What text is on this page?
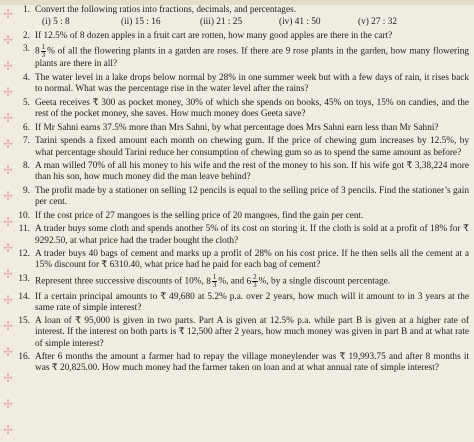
✢
✢
✢
✢
✢
✢
✢
✢
✢
✢
✢
✢
✢
✢
✢
✢
✢
1. Convert the following ratios into fractions, decimals, and percentages.
(i) 5 : 8	(ii) 15 : 16	(iii) 21 : 25	(iv) 41 : 50	(v) 27 : 32
2. If 12.5% of 8 dozen apples in a fruit cart are rotten, how many good apples are there in the cart?
3. $8 \frac{1}{3}$ % of all the flowering plants in a garden are roses. If there are 9 rose plants in the garden, how many flowering plants are there in all?
4. The water level in a lake drops below normal by 28% in one summer week but with a few days of rain, it rises back to normal. What was the percentage rise in the water level after the rains?
5. Geeta receives ₹ 300 as pocket money, 30% of which she spends on books, 45% on toys, 15% on candies, and the rest of the pocket money, she saves. How much money does Geeta save?
6. If Mr Sahni earns 37.5% more than Mrs Sahni, by what percentage does Mrs Sahni earn less than Mr Sahni?
7. Tarini spends a fixed amount each month on chewing gum. If the price of chewing gum increases by 12.5%, by what percentage should Tarini reduce her consumption of chewing gum so as to spend the same amount as before?
8. A man willed 70% of all his money to his wife and the rest of the money to his son. If his wife got ₹ 3,38,224 more than his son, how much money did the man leave behind?
9. The profit made by a stationer on selling 12 pencils is equal to the selling price of 3 pencils. Find the stationer’s gain per cent.
10. If the cost price of 27 mangoes is the selling price of 20 mangoes, find the gain per cent.
11. A trader buys some cloth and spends another 5% of its cost on storing it. If the cloth is sold at a profit of 18% for ₹ 9292.50, at what price had the trader bought the cloth?
12. A trader buys 40 bags of cement and marks up a profit of 28% on his cost price. If he then sells all the cement at a 15% discount for ₹ 6310.40, what price had he paid for each bag of cement?
13. Represent three successive discounts of 10%, $8 \frac{1}{3}$ %, and $6 \frac{2}{3}$ %, by a single discount percentage.
14. If a certain principal amounts to ₹ 49,680 at 5.2% p.a. over 2 years, how much will it amount to in 3 years at the same rate of simple interest?
15. A loan of ₹ 95,000 is given in two parts. Part A is given at 12.5% p.a. while part B is given at a higher rate of interest. If the interest on both parts is ₹ 12,500 after 2 years, how much money was given in part B and at what rate of simple interest?
16. After 6 months the amount a farmer had to repay the village moneylender was ₹ 19,993.75 and after 8 months it was ₹ 20,825.00. How much money had the farmer taken on loan and at what annual rate of simple interest?
